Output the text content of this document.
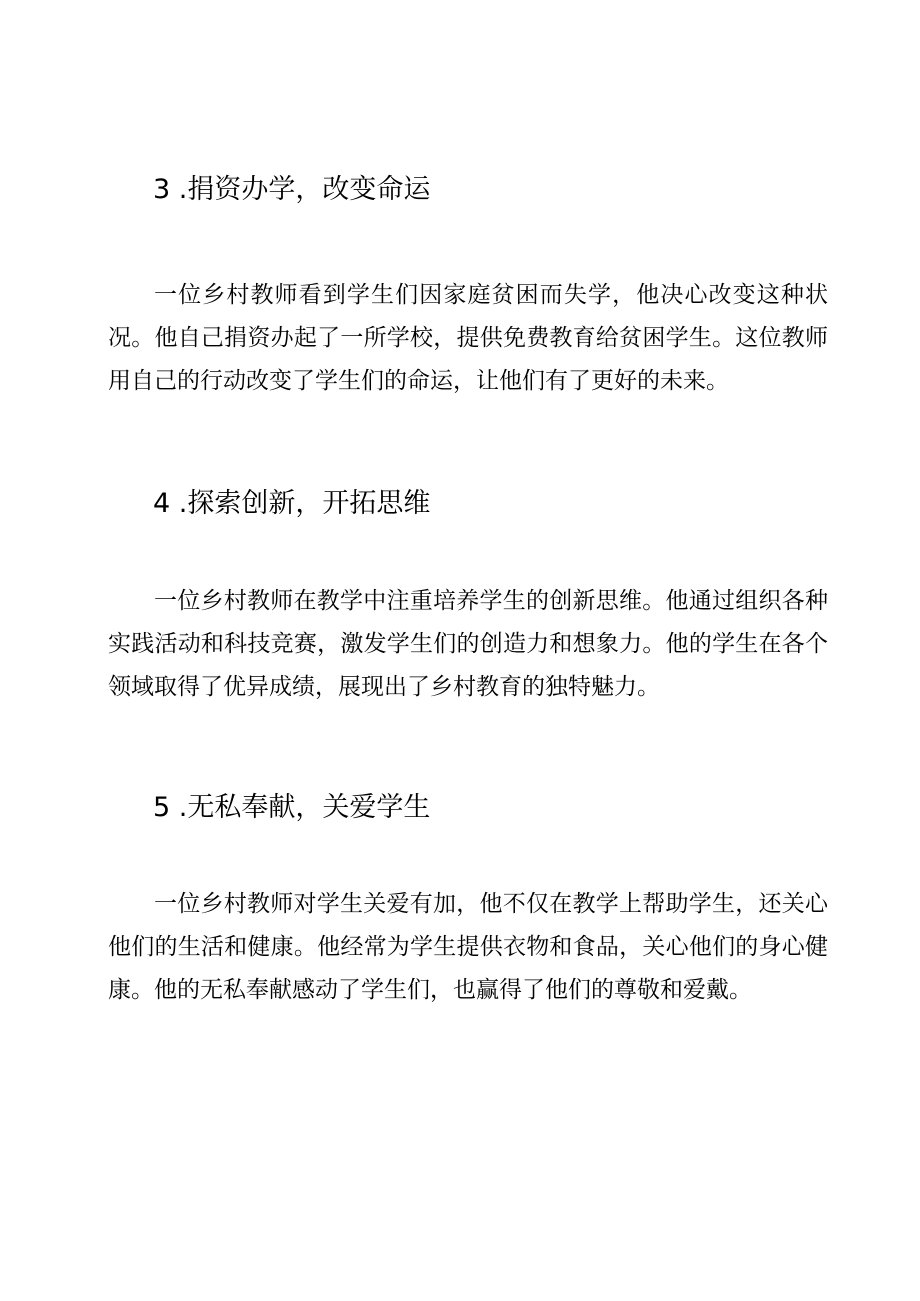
3 .捐资办学，改变命运

一位乡村教师看到学生们因家庭贫困而失学，他决心改变这种状况。他自己捐资办起了一所学校，提供免费教育给贫困学生。这位教师用自己的行动改变了学生们的命运，让他们有了更好的未来。

4 .探索创新，开拓思维

一位乡村教师在教学中注重培养学生的创新思维。他通过组织各种实践活动和科技竞赛，激发学生们的创造力和想象力。他的学生在各个领域取得了优异成绩，展现出了乡村教育的独特魅力。

5 .无私奉献，关爱学生

一位乡村教师对学生关爱有加，他不仅在教学上帮助学生，还关心他们的生活和健康。他经常为学生提供衣物和食品，关心他们的身心健康。他的无私奉献感动了学生们，也赢得了他们的尊敬和爱戴。
